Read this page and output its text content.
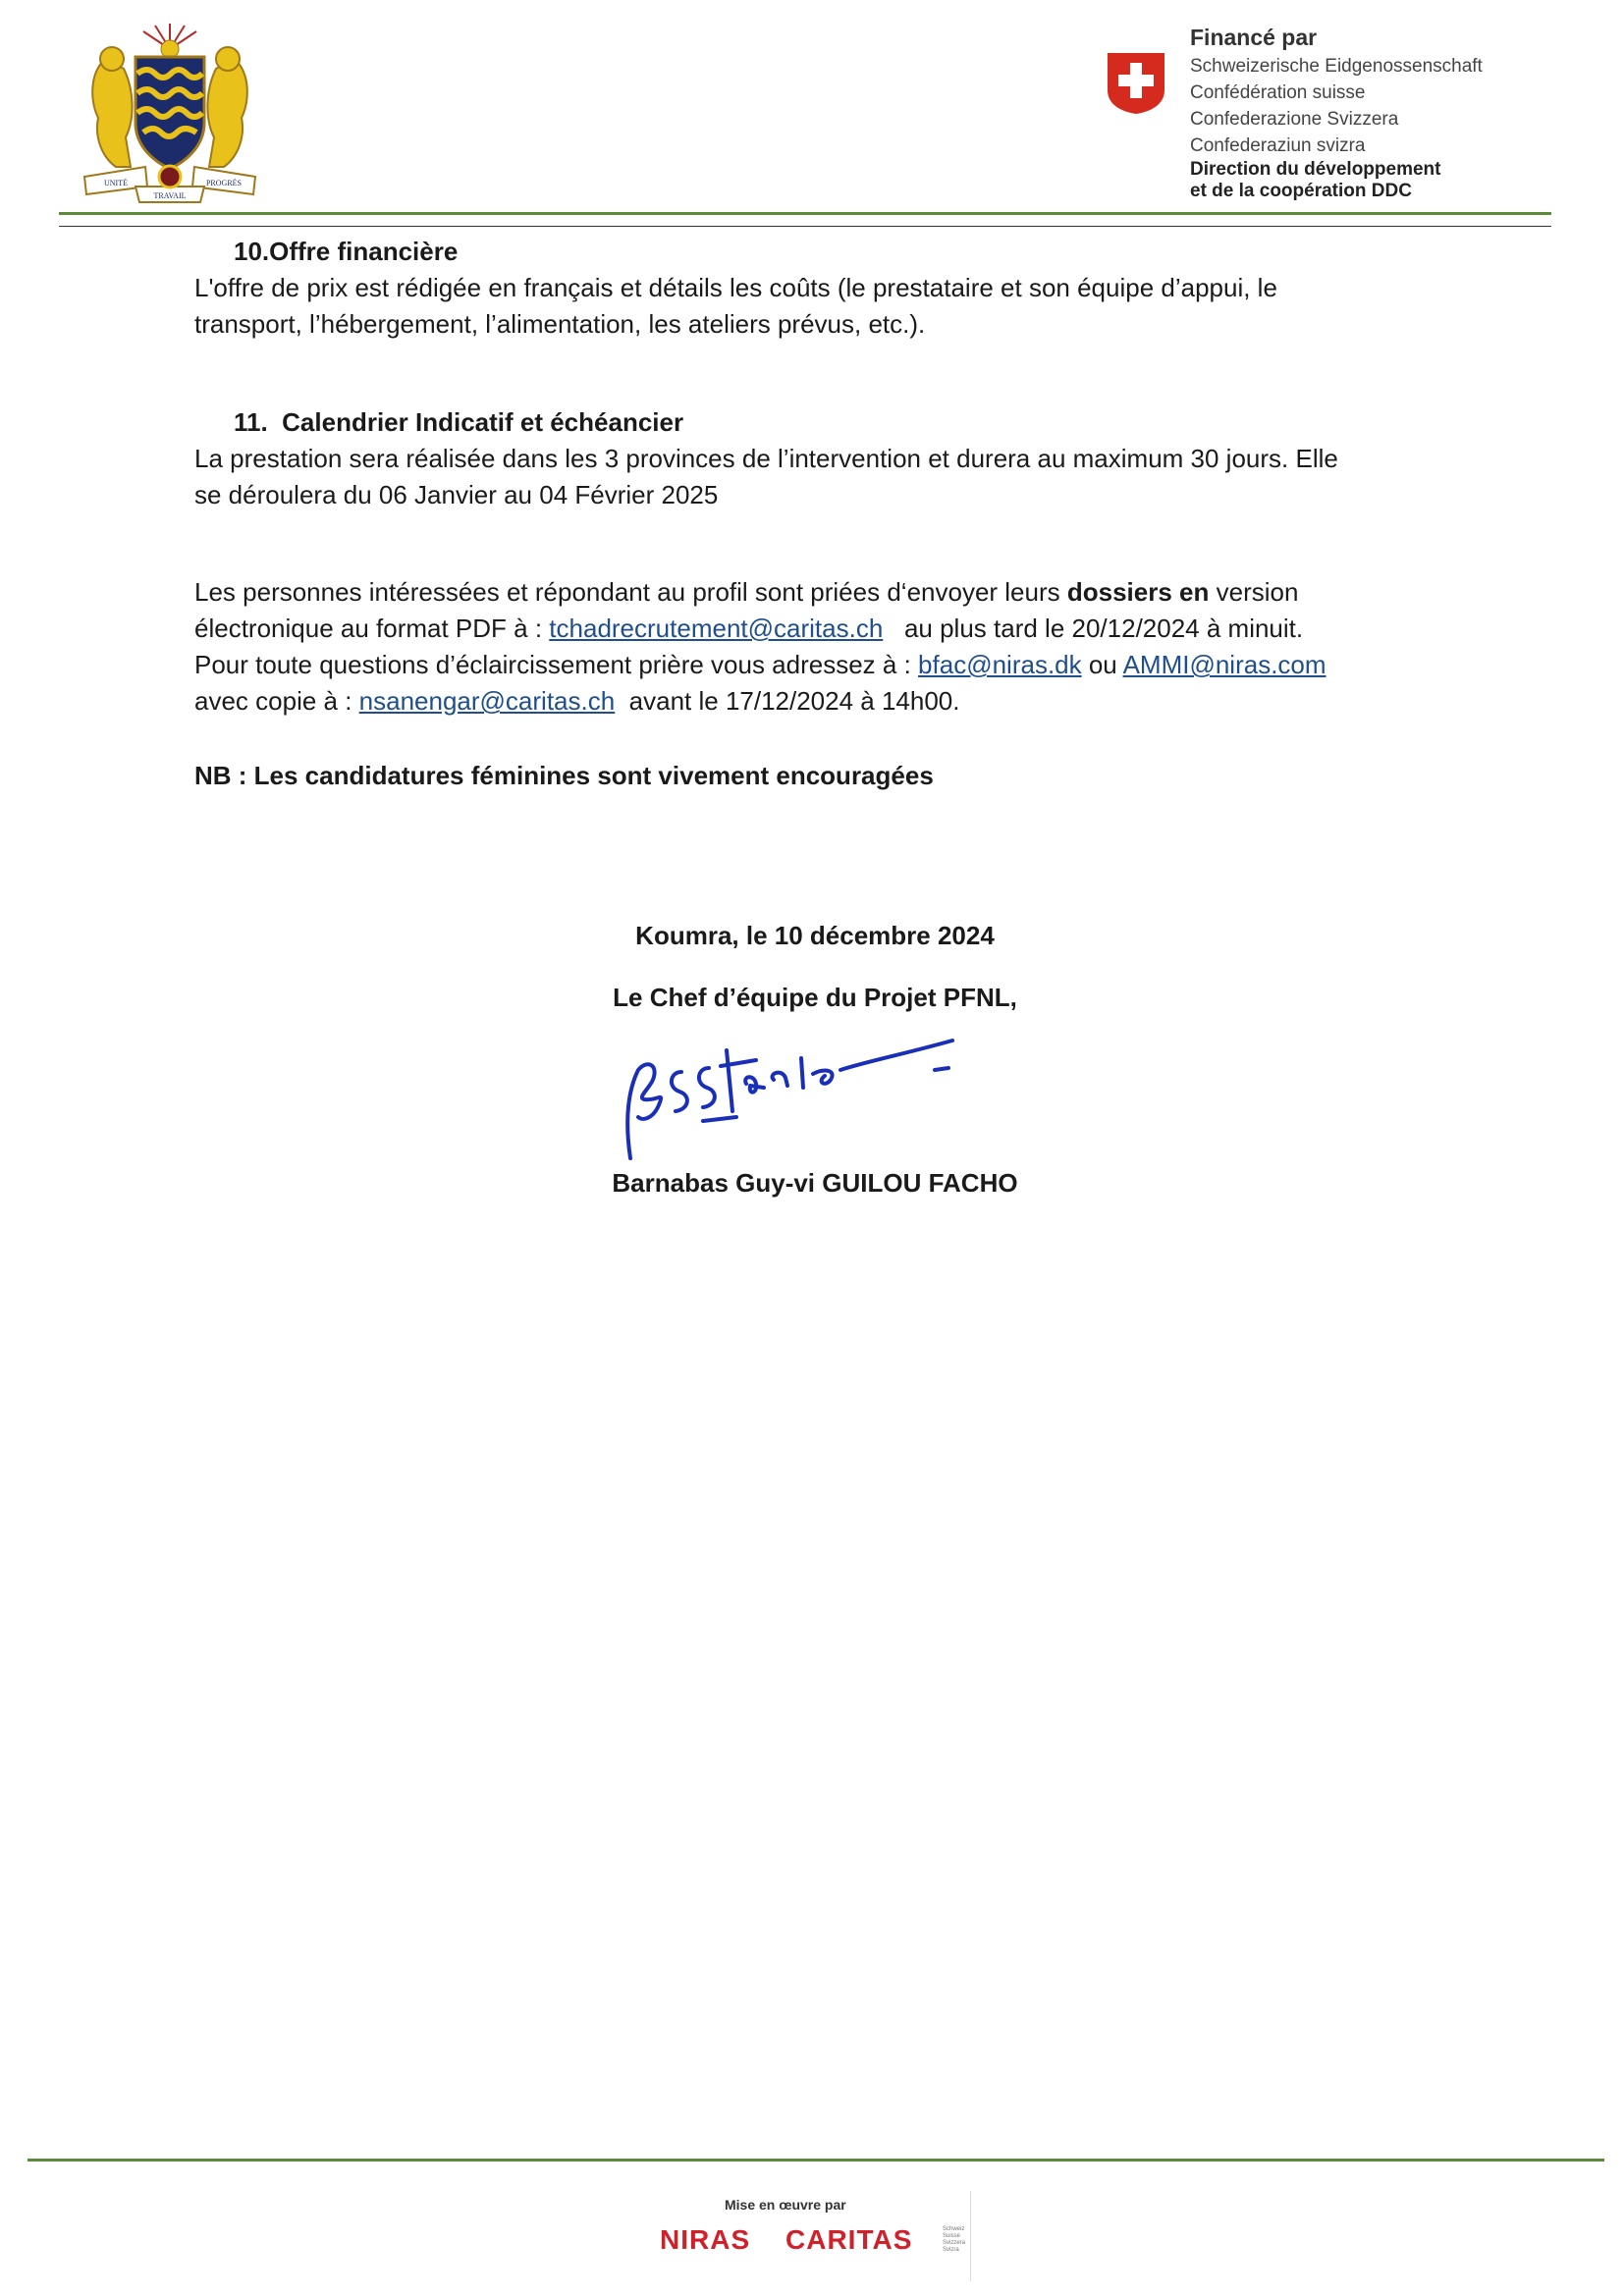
UNITÉ	PROGRÈS
TRAVAIL
Financé par
Schweizerische Eidgenossenschaft
Confédération suisse
Confederazione Svizzera
Confederaziun svizra
Direction du développement
et de la coopération DDC
10.Offre financière
L'offre de prix est rédigée en français et détails les coûts (le prestataire et son équipe d’appui, le
transport, l’hébergement, l’alimentation, les ateliers prévus, etc.).
11.  Calendrier Indicatif et échéancier
La prestation sera réalisée dans les 3 provinces de l’intervention et durera au maximum 30 jours. Elle
se déroulera du 06 Janvier au 04 Février 2025
Les personnes intéressées et répondant au profil sont priées d‘envoyer leurs dossiers en version
électronique au format PDF à : tchadrecrutement@caritas.ch   au plus tard le 20/12/2024 à minuit.
Pour toute questions d’éclaircissement prière vous adressez à : bfac@niras.dk ou AMMI@niras.com
avec copie à : nsanengar@caritas.ch  avant le 17/12/2024 à 14h00.
NB : Les candidatures féminines sont vivement encouragées
Koumra, le 10 décembre 2024
Le Chef d’équipe du Projet PFNL,
Barnabas Guy-vi GUILOU FACHO
Mise en œuvre par
NIRAS CARITAS	Schweiz
Suisse
Svizzera
Svizra
